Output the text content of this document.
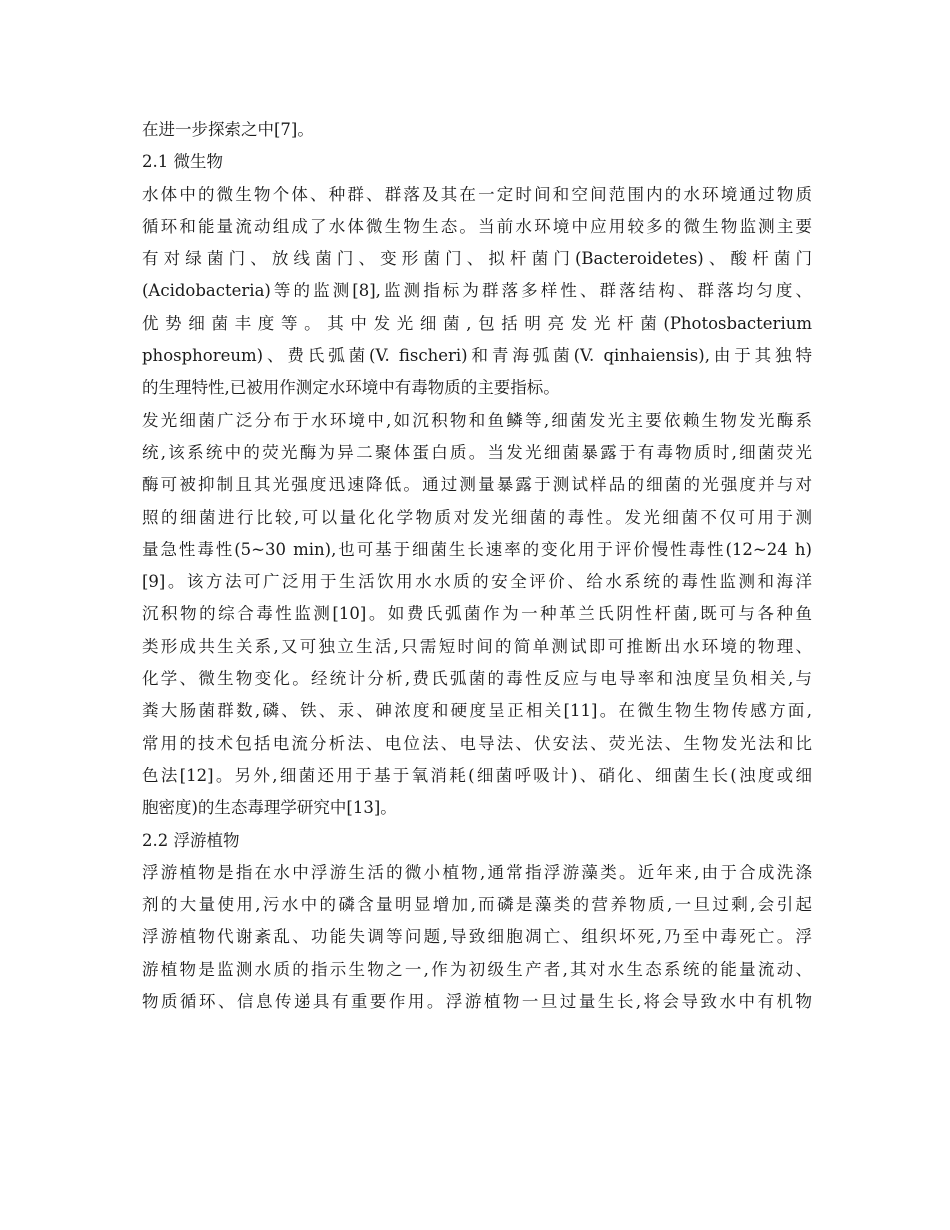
在进一步探索之中[7]。
2.1 微生物
水体中的微生物个体、种群、群落及其在一定时间和空间范围内的水环境通过物质
循环和能量流动组成了水体微生物生态。当前水环境中应用较多的微生物监测主要
有对绿菌门、放线菌门、变形菌门、拟杆菌门(Bacteroidetes)、酸杆菌门
(Acidobacteria)等的监测[8],监测指标为群落多样性、群落结构、群落均匀度、
优势细菌丰度等。其中发光细菌,包括明亮发光杆菌(Photosbacterium
phosphoreum)、费氏弧菌(V. fischeri)和青海弧菌(V. qinhaiensis),由于其独特
的生理特性,已被用作测定水环境中有毒物质的主要指标。
发光细菌广泛分布于水环境中,如沉积物和鱼鳞等,细菌发光主要依赖生物发光酶系
统,该系统中的荧光酶为异二聚体蛋白质。当发光细菌暴露于有毒物质时,细菌荧光
酶可被抑制且其光强度迅速降低。通过测量暴露于测试样品的细菌的光强度并与对
照的细菌进行比较,可以量化化学物质对发光细菌的毒性。发光细菌不仅可用于测
量急性毒性(5~30 min),也可基于细菌生长速率的变化用于评价慢性毒性(12~24 h)
[9]。该方法可广泛用于生活饮用水水质的安全评价、给水系统的毒性监测和海洋
沉积物的综合毒性监测[10]。如费氏弧菌作为一种革兰氏阴性杆菌,既可与各种鱼
类形成共生关系,又可独立生活,只需短时间的简单测试即可推断出水环境的物理、
化学、微生物变化。经统计分析,费氏弧菌的毒性反应与电导率和浊度呈负相关,与
粪大肠菌群数,磷、铁、汞、砷浓度和硬度呈正相关[11]。在微生物生物传感方面,
常用的技术包括电流分析法、电位法、电导法、伏安法、荧光法、生物发光法和比
色法[12]。另外,细菌还用于基于氧消耗(细菌呼吸计)、硝化、细菌生长(浊度或细
胞密度)的生态毒理学研究中[13]。
2.2 浮游植物
浮游植物是指在水中浮游生活的微小植物,通常指浮游藻类。近年来,由于合成洗涤
剂的大量使用,污水中的磷含量明显增加,而磷是藻类的营养物质,一旦过剩,会引起
浮游植物代谢紊乱、功能失调等问题,导致细胞凋亡、组织坏死,乃至中毒死亡。浮
游植物是监测水质的指示生物之一,作为初级生产者,其对水生态系统的能量流动、
物质循环、信息传递具有重要作用。浮游植物一旦过量生长,将会导致水中有机物
